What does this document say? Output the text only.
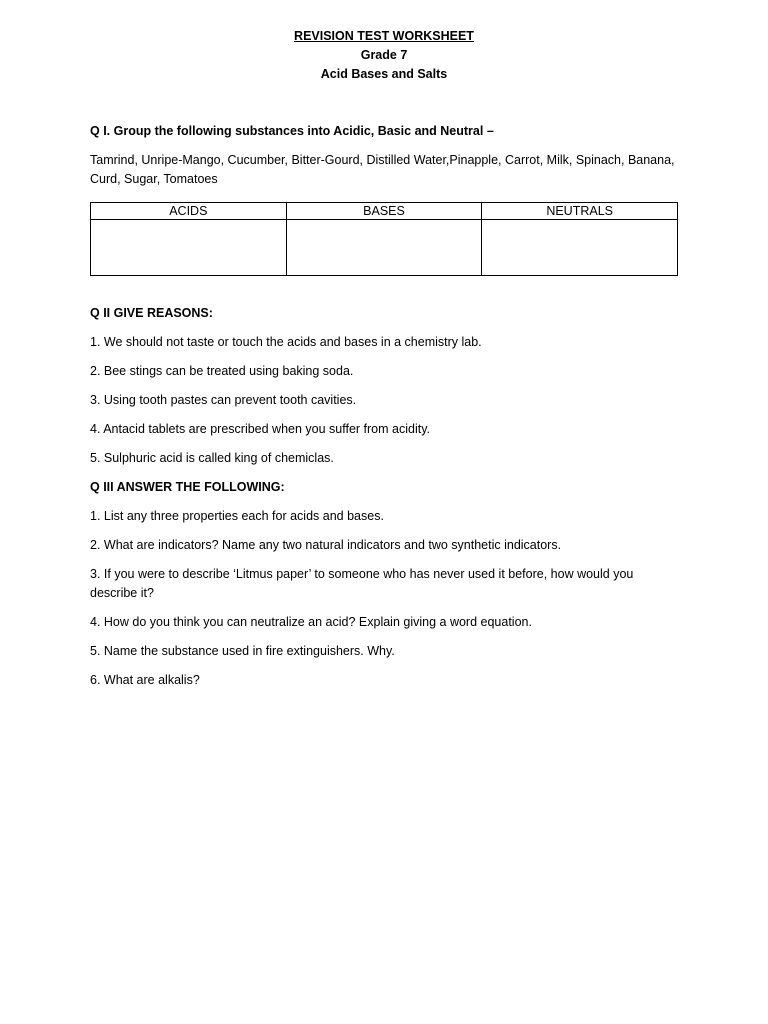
REVISION TEST WORKSHEET
Grade 7
Acid Bases and Salts

Q I. Group the following substances into Acidic, Basic and Neutral –

Tamrind, Unripe-Mango, Cucumber, Bitter-Gourd, Distilled Water,Pinapple, Carrot, Milk, Spinach, Banana, Curd, Sugar, Tomatoes

ACIDS	BASES	NEUTRALS

Q II GIVE REASONS:

1. We should not taste or touch the acids and bases in a chemistry lab.

2. Bee stings can be treated using baking soda.

3. Using tooth pastes can prevent tooth cavities.

4. Antacid tablets are prescribed when you suffer from acidity.

5. Sulphuric acid is called king of chemiclas.

Q III ANSWER THE FOLLOWING:

1. List any three properties each for acids and bases.

2. What are indicators? Name any two natural indicators and two synthetic indicators.

3. If you were to describe ‘Litmus paper’ to someone who has never used it before, how would you describe it?

4. How do you think you can neutralize an acid? Explain giving a word equation.

5. Name the substance used in fire extinguishers. Why.

6. What are alkalis?
